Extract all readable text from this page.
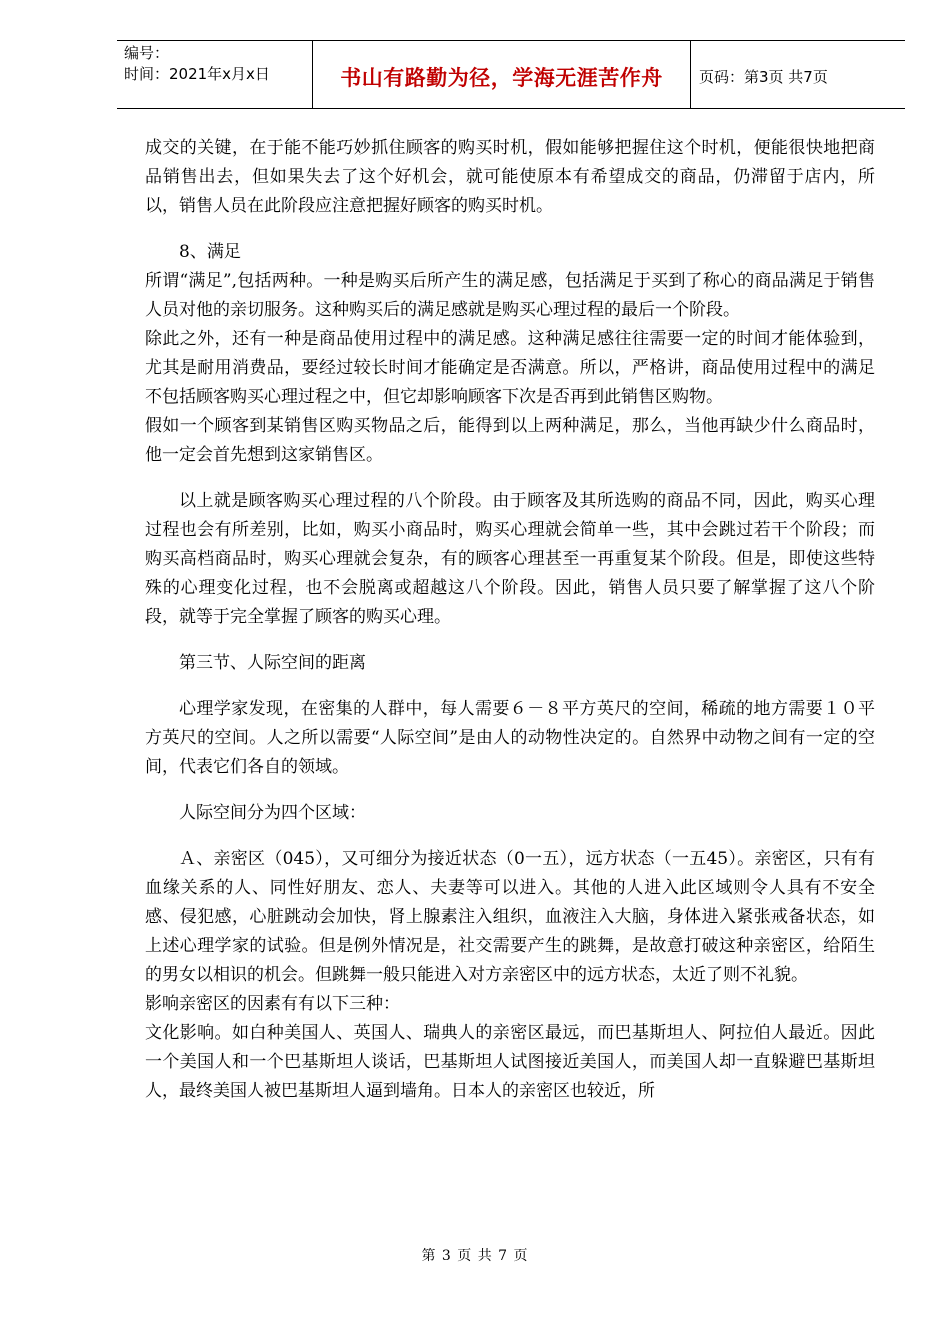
编号：
时间：2021年x月x日	书山有路勤为径，学海无涯苦作舟	页码：第3页 共7页

成交的关键，在于能不能巧妙抓住顾客的购买时机，假如能够把握住这个时机，便能很快地把商品销售出去，但如果失去了这个好机会，就可能使原本有希望成交的商品，仍滞留于店内，所以，销售人员在此阶段应注意把握好顾客的购买时机。

8、满足

所谓“满足”,包括两种。一种是购买后所产生的满足感，包括满足于买到了称心的商品满足于销售人员对他的亲切服务。这种购买后的满足感就是购买心理过程的最后一个阶段。

除此之外，还有一种是商品使用过程中的满足感。这种满足感往往需要一定的时间才能体验到，尤其是耐用消费品，要经过较长时间才能确定是否满意。所以，严格讲，商品使用过程中的满足不包括顾客购买心理过程之中，但它却影响顾客下次是否再到此销售区购物。

假如一个顾客到某销售区购买物品之后，能得到以上两种满足，那么，当他再缺少什么商品时，他一定会首先想到这家销售区。

以上就是顾客购买心理过程的八个阶段。由于顾客及其所选购的商品不同，因此，购买心理过程也会有所差别，比如，购买小商品时，购买心理就会简单一些，其中会跳过若干个阶段；而购买高档商品时，购买心理就会复杂，有的顾客心理甚至一再重复某个阶段。但是，即使这些特殊的心理变化过程，也不会脱离或超越这八个阶段。因此，销售人员只要了解掌握了这八个阶段，就等于完全掌握了顾客的购买心理。

第三节、人际空间的距离

心理学家发现，在密集的人群中，每人需要６－８平方英尺的空间，稀疏的地方需要１０平方英尺的空间。人之所以需要“人际空间”是由人的动物性决定的。自然界中动物之间有一定的空间，代表它们各自的领域。

人际空间分为四个区域：

Ａ、亲密区（045），又可细分为接近状态（0一五），远方状态（一五45）。亲密区，只有有血缘关系的人、同性好朋友、恋人、夫妻等可以进入。其他的人进入此区域则令人具有不安全感、侵犯感，心脏跳动会加快，肾上腺素注入组织，血液注入大脑，身体进入紧张戒备状态，如上述心理学家的试验。但是例外情况是，社交需要产生的跳舞，是故意打破这种亲密区，给陌生的男女以相识的机会。但跳舞一般只能进入对方亲密区中的远方状态，太近了则不礼貌。

影响亲密区的因素有有以下三种：

文化影响。如白种美国人、英国人、瑞典人的亲密区最远，而巴基斯坦人、阿拉伯人最近。因此一个美国人和一个巴基斯坦人谈话，巴基斯坦人试图接近美国人，而美国人却一直躲避巴基斯坦人，最终美国人被巴基斯坦人逼到墙角。日本人的亲密区也较近，所

第 3 页 共 7 页
